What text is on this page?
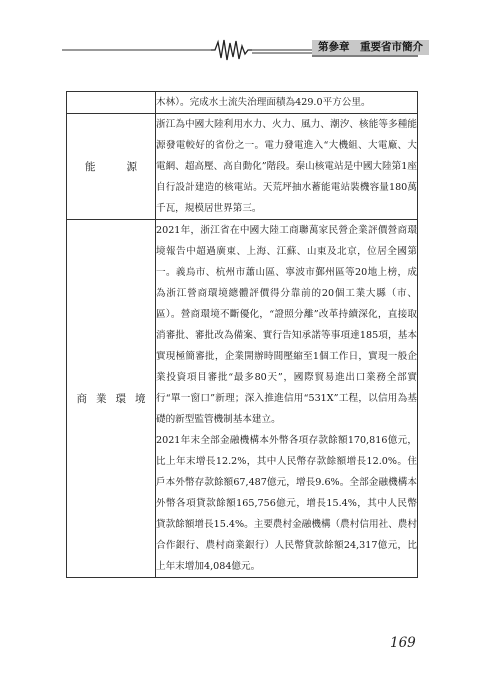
第參章　重要省市簡介

	木林）。完成水土流失治理面積為429.0平方公里。

能 源	浙江為中國大陸利用水力、火力、風力、潮汐、核能等多種能源發電較好的省份之一。電力發電進入“大機組、大電廠、大電網、超高壓、高自動化”階段。秦山核電站是中國大陸第1座自行設計建造的核電站。天荒坪抽水蓄能電站裝機容量180萬千瓦，規模居世界第三。

商業環境	2021年，浙江省在中國大陸工商聯萬家民營企業評價營商環境報告中超過廣東、上海、江蘇、山東及北京，位居全國第一。義烏市、杭州市蕭山區、寧波市鄞州區等20地上榜，成為浙江營商環境總體評價得分靠前的20個工業大縣（市、區）。營商環境不斷優化，“證照分離”改革持續深化，直接取消審批、審批改為備案、實行告知承諾等事項達185項，基本實現極簡審批，企業開辦時間壓縮至1個工作日，實現一般企業投資項目審批“最多80天”，國際貿易進出口業務全部實行“單一窗口”新理；深入推進信用“531X”工程，以信用為基礎的新型監管機制基本建立。

2021年末全部金融機構本外幣各項存款餘額170,816億元，比上年末增長12.2%，其中人民幣存款餘額增長12.0%。住戶本外幣存款餘額67,487億元，增長9.6%。全部金融機構本外幣各項貸款餘額165,756億元，增長15.4%，其中人民幣貸款餘額增長15.4%。主要農村金融機構（農村信用社、農村合作銀行、農村商業銀行）人民幣貸款餘額24,317億元，比上年末增加4,084億元。

169
